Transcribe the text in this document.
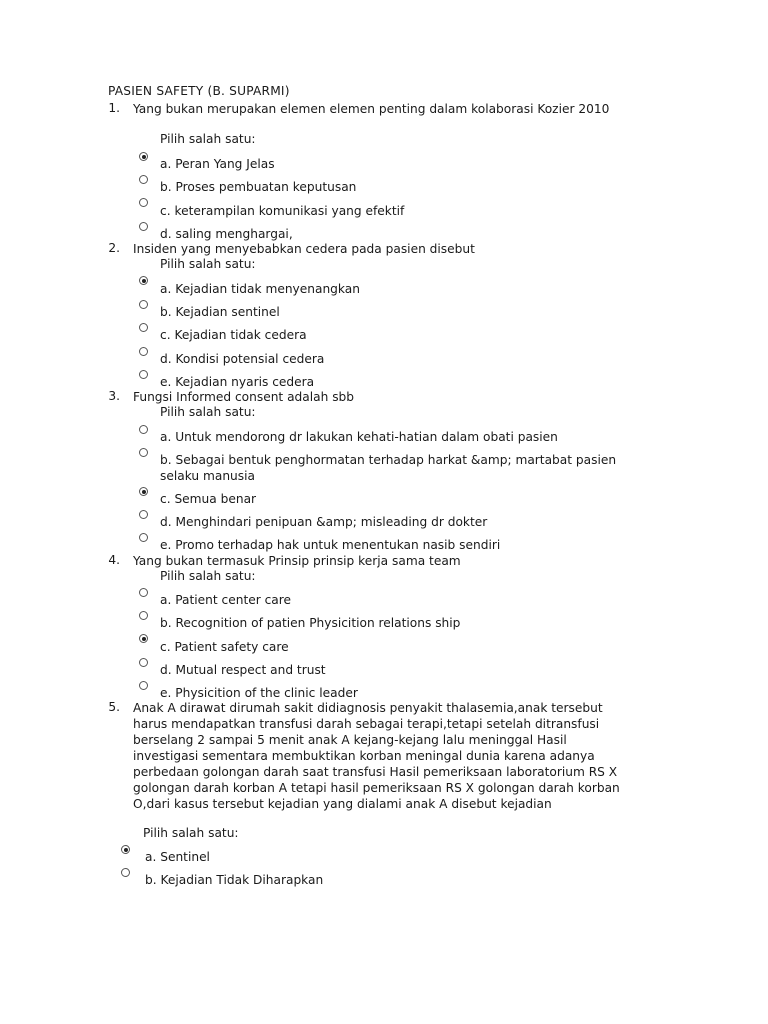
PASIEN SAFETY (B. SUPARMI)
1. Yang bukan merupakan elemen elemen penting dalam kolaborasi Kozier 2010
Pilih salah satu:
a. Peran Yang Jelas
b. Proses pembuatan keputusan
c. keterampilan komunikasi yang efektif
d. saling menghargai,
2. Insiden yang menyebabkan cedera pada pasien disebut
Pilih salah satu:
a. Kejadian tidak menyenangkan
b. Kejadian sentinel
c. Kejadian tidak cedera
d. Kondisi potensial cedera
e. Kejadian nyaris cedera
3. Fungsi Informed consent adalah sbb
Pilih salah satu:
a. Untuk mendorong dr lakukan kehati-hatian dalam obati pasien
b. Sebagai bentuk penghormatan terhadap harkat &amp; martabat pasien selaku manusia
c. Semua benar
d. Menghindari penipuan &amp; misleading dr dokter
e. Promo terhadap hak untuk menentukan nasib sendiri
4. Yang bukan termasuk Prinsip prinsip kerja sama team
Pilih salah satu:
a. Patient center care
b. Recognition of patien Physicition relations ship
c. Patient safety care
d. Mutual respect and trust
e. Physicition of the clinic leader
5. Anak A dirawat dirumah sakit didiagnosis penyakit thalasemia,anak tersebut harus mendapatkan transfusi darah sebagai terapi,tetapi setelah ditransfusi berselang 2 sampai 5 menit anak A kejang-kejang lalu meninggal Hasil investigasi sementara membuktikan korban meningal dunia karena adanya perbedaan golongan darah saat transfusi Hasil pemeriksaan laboratorium RS X golongan darah korban A tetapi hasil pemeriksaan RS X golongan darah korban O,dari kasus tersebut kejadian yang dialami anak A disebut kejadian
Pilih salah satu:
a. Sentinel
b. Kejadian Tidak Diharapkan
